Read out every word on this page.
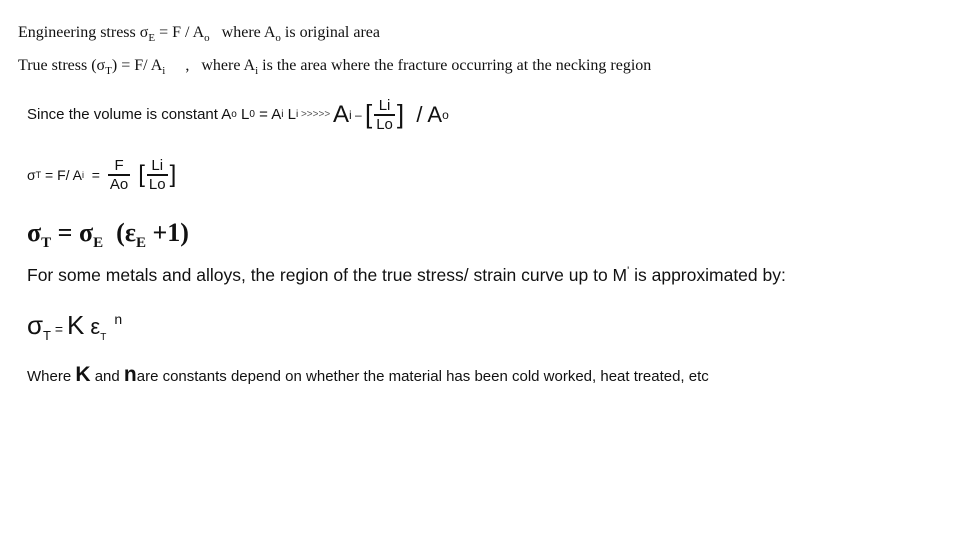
Engineering stress $\sigma_E = F / A_o$   where $A_o$ is original area
True stress $(\sigma_T) = F/$ $A_i$     ,   where $A_i$ is the area where the fracture occurring at the necking region
Since the volume is constant A o L 0 = A i L i >>>>> A i – [ $\frac{Li}{Lo}$ ] / A o
σ T = F/ A $i = \frac{F}{Ao}$ [ $\frac{Li}{Lo}$ ]
$\sigma_T = \sigma_E$  $(\varepsilon_E +1)$
For some metals and alloys, the region of the true stress/ strain curve up to M' is approximated by:
$\sigma_T = K$ $\varepsilon_T^n$
Where K and n are constants depend on whether the material has been cold worked, heat treated, etc
